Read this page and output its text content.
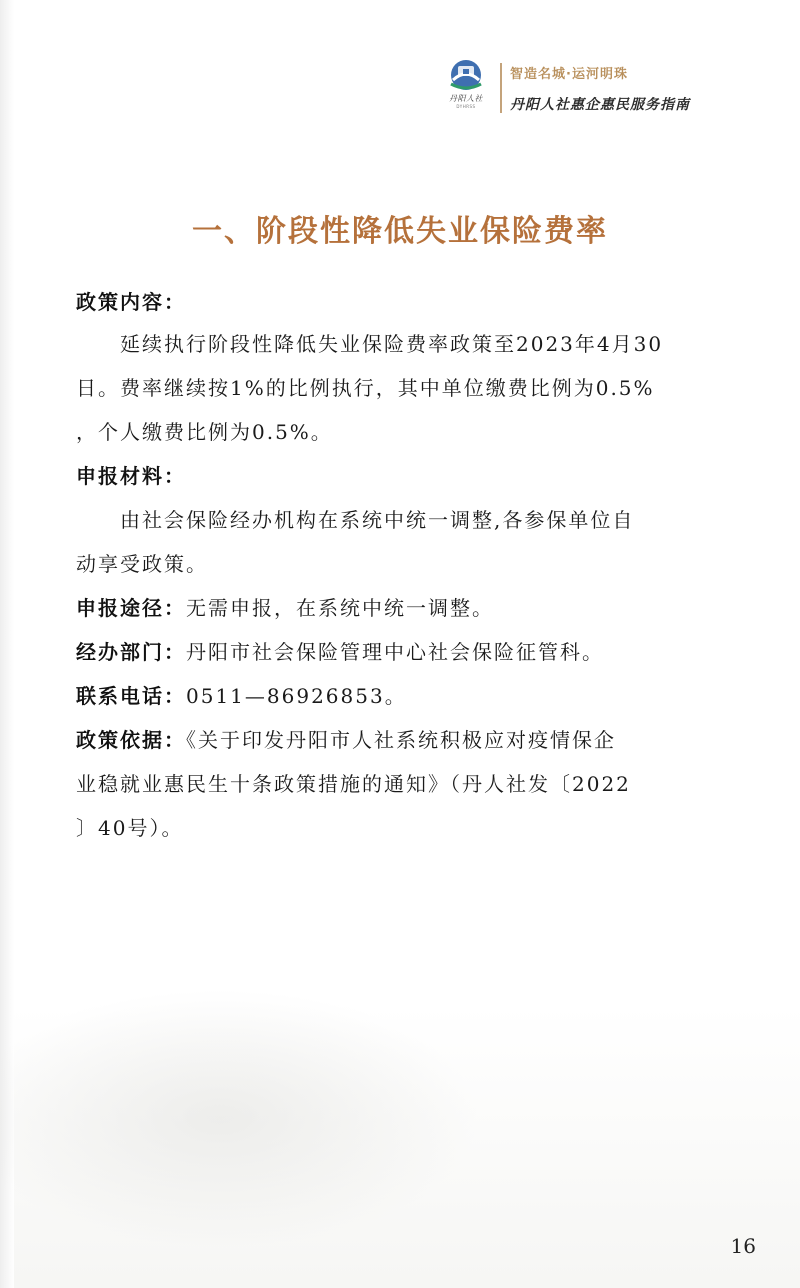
丹阳人社
DYHRSS
智造名城·运河明珠
丹阳人社惠企惠民服务指南
一、阶段性降低失业保险费率
政策内容：
延续执行阶段性降低失业保险费率政策至2023年4月30
日。费率继续按1%的比例执行，其中单位缴费比例为0.5%
，个人缴费比例为0.5%。
申报材料：
由社会保险经办机构在系统中统一调整,各参保单位自
动享受政策。
申报途径：无需申报，在系统中统一调整。
经办部门：丹阳市社会保险管理中心社会保险征管科。
联系电话：0511—86926853。
政策依据：《关于印发丹阳市人社系统积极应对疫情保企
业稳就业惠民生十条政策措施的通知》（丹人社发〔2022
〕40号）。
16
